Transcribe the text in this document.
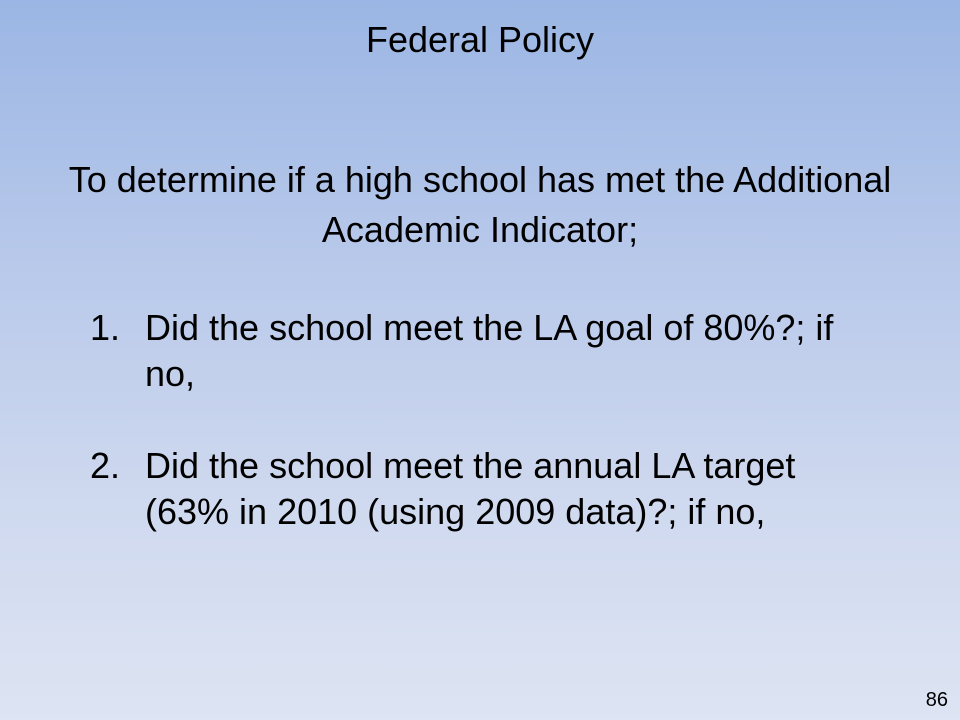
Federal Policy
To determine if a high school has met the Additional Academic Indicator;
1. Did the school meet the LA goal of 80%?; if no,
2. Did the school meet the annual LA target (63% in 2010 (using 2009 data)?; if no,
86
